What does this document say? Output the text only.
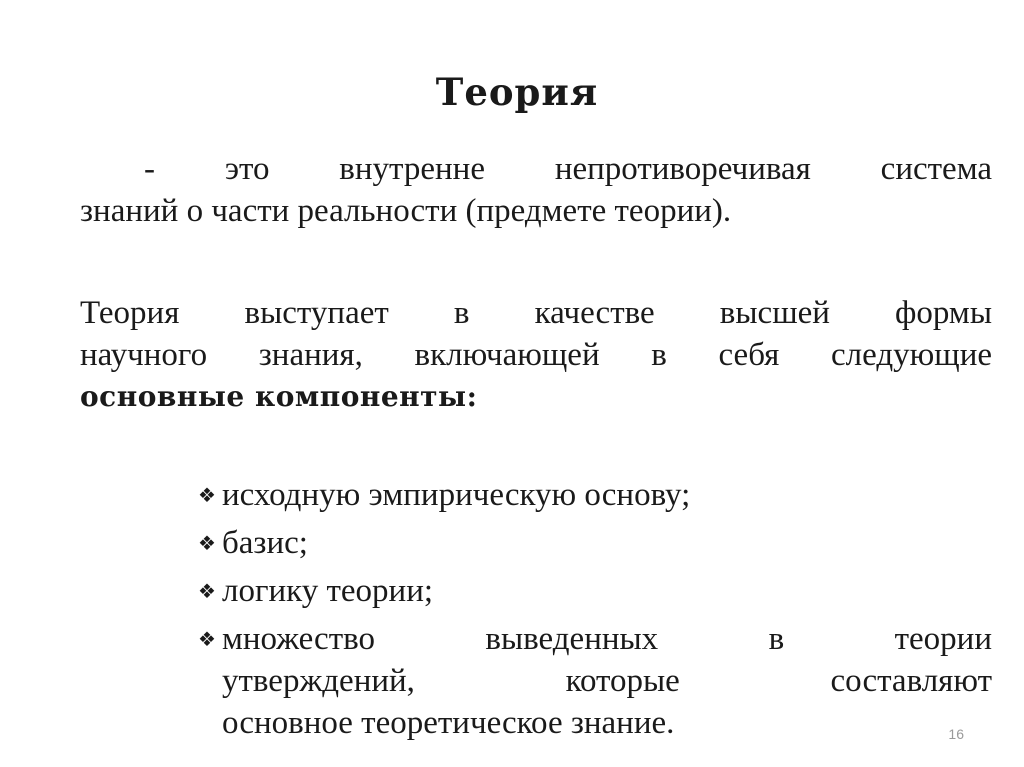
Теория
- это внутренне непротиворечивая система
знаний о части реальности (предмете теории).
Теория выступает в качестве высшей формы
научного знания, включающей в себя следующие
основные компоненты:
❖ исходную эмпирическую основу;
❖ базис;
❖ логику теории;
❖ множество выведенных в теории
утверждений, которые составляют
основное теоретическое знание.	16
